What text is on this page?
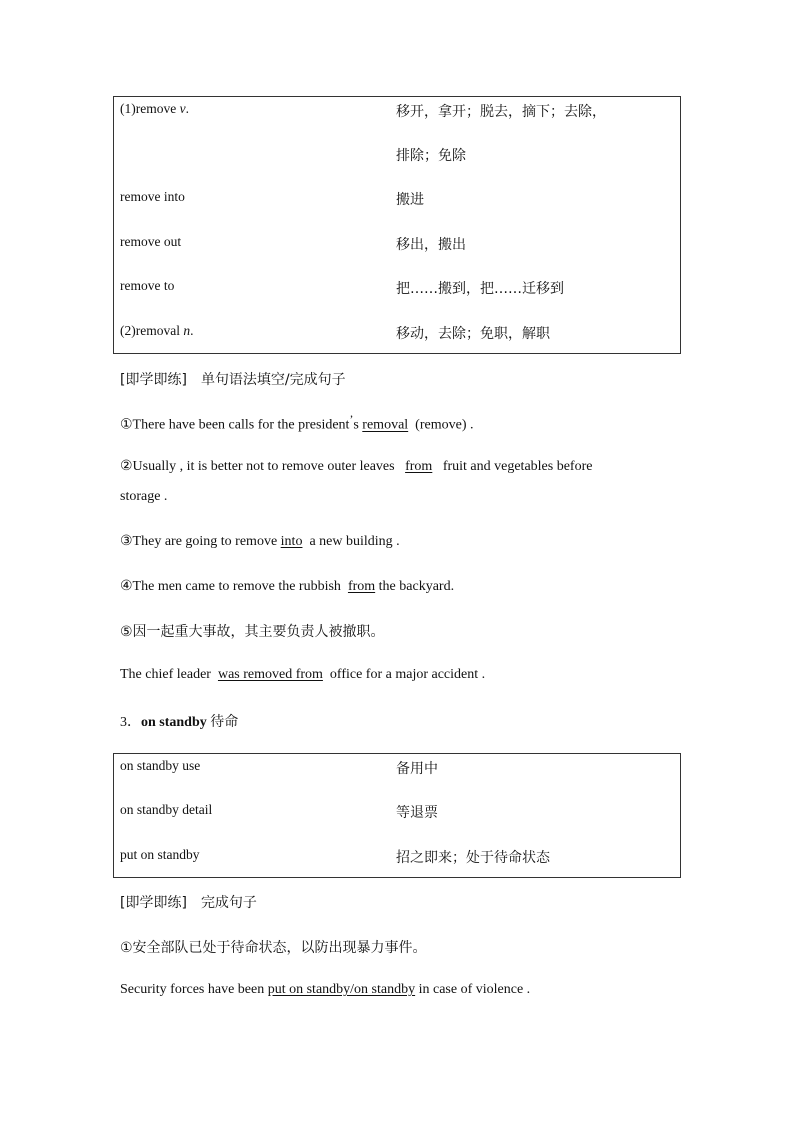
(1)remove v.	移开，拿开；脱去，摘下；去除，
排除；免除
remove into	搬进
remove out	移出，搬出
remove to	把……搬到，把……迁移到
(2)removal n.	移动，去除；免职，解职
[即学即练] 单句语法填空/完成句子
①There have been calls for the president’s removal (remove) .
②Usually , it is better not to remove outer leaves from fruit and vegetables before
storage .
③They are going to remove into a new building .
④The men came to remove the rubbish from the backyard.
⑤因一起重大事故，其主要负责人被撤职。
The chief leader was removed from office for a major accident .
3．on standby 待命
on standby use	备用中
on standby detail	等退票
put on standby	招之即来；处于待命状态
[即学即练] 完成句子
①安全部队已处于待命状态，以防出现暴力事件。
Security forces have been put on standby/on standby in case of violence .
